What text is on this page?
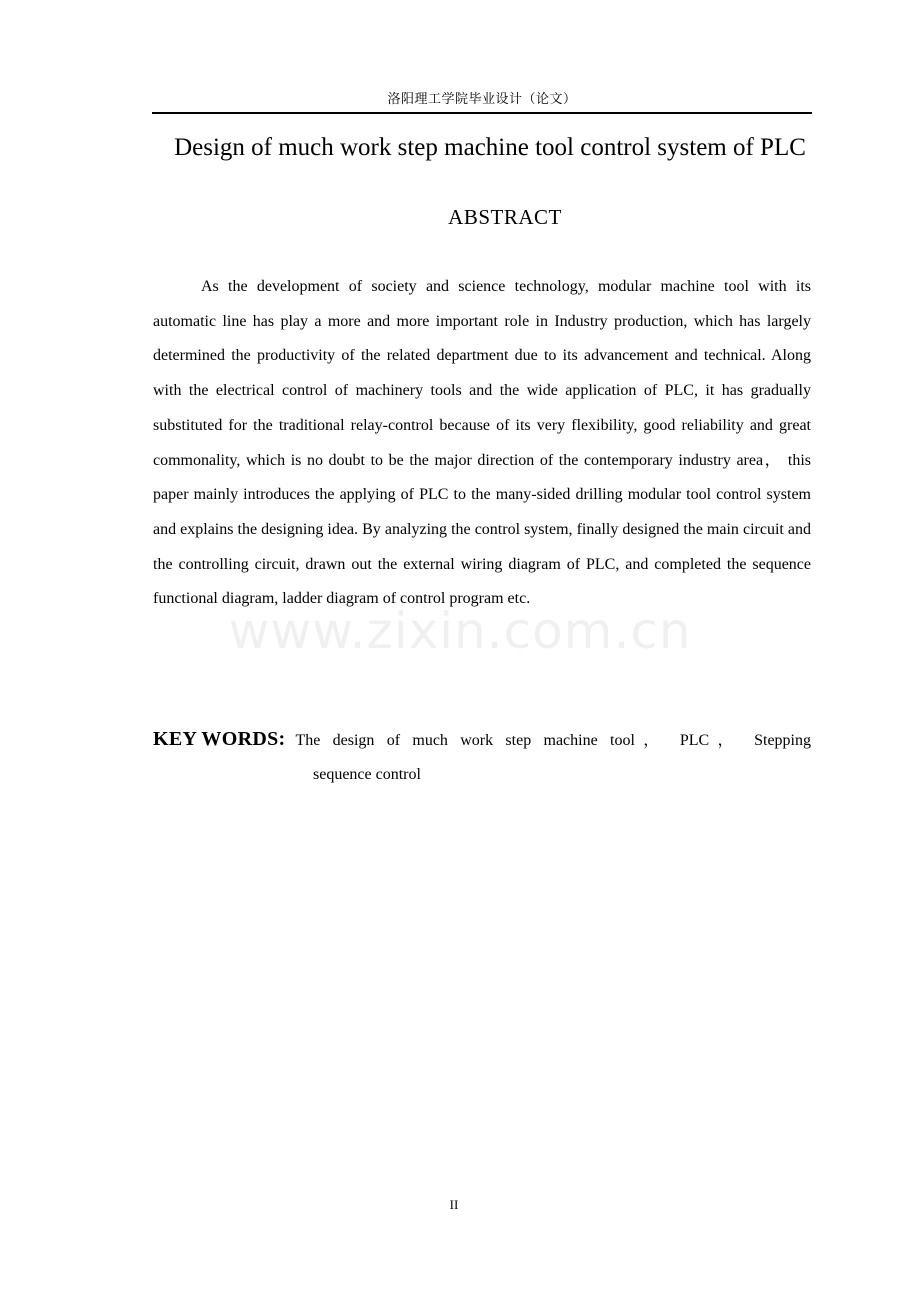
洛阳理工学院毕业设计（论文）
Design of much work step machine tool control system of PLC
ABSTRACT

As the development of society and science technology, modular machine tool with its automatic line has play a more and more important role in Industry production, which has largely determined the productivity of the related department due to its advancement and technical. Along with the electrical control of machinery tools and the wide application of PLC, it has gradually substituted for the traditional relay-control because of its very flexibility, good reliability and great commonality, which is no doubt to be the major direction of the contemporary industry area， this paper mainly introduces the applying of PLC to the many-sided drilling modular tool control system and explains the designing idea. By analyzing the control system, finally designed the main circuit and the controlling circuit, drawn out the external wiring diagram of PLC, and completed the sequence functional diagram, ladder diagram of control program etc.

www.zixin.com.cn
KEY WORDS: The design of much work step machine tool， PLC， Stepping
sequence control
II
